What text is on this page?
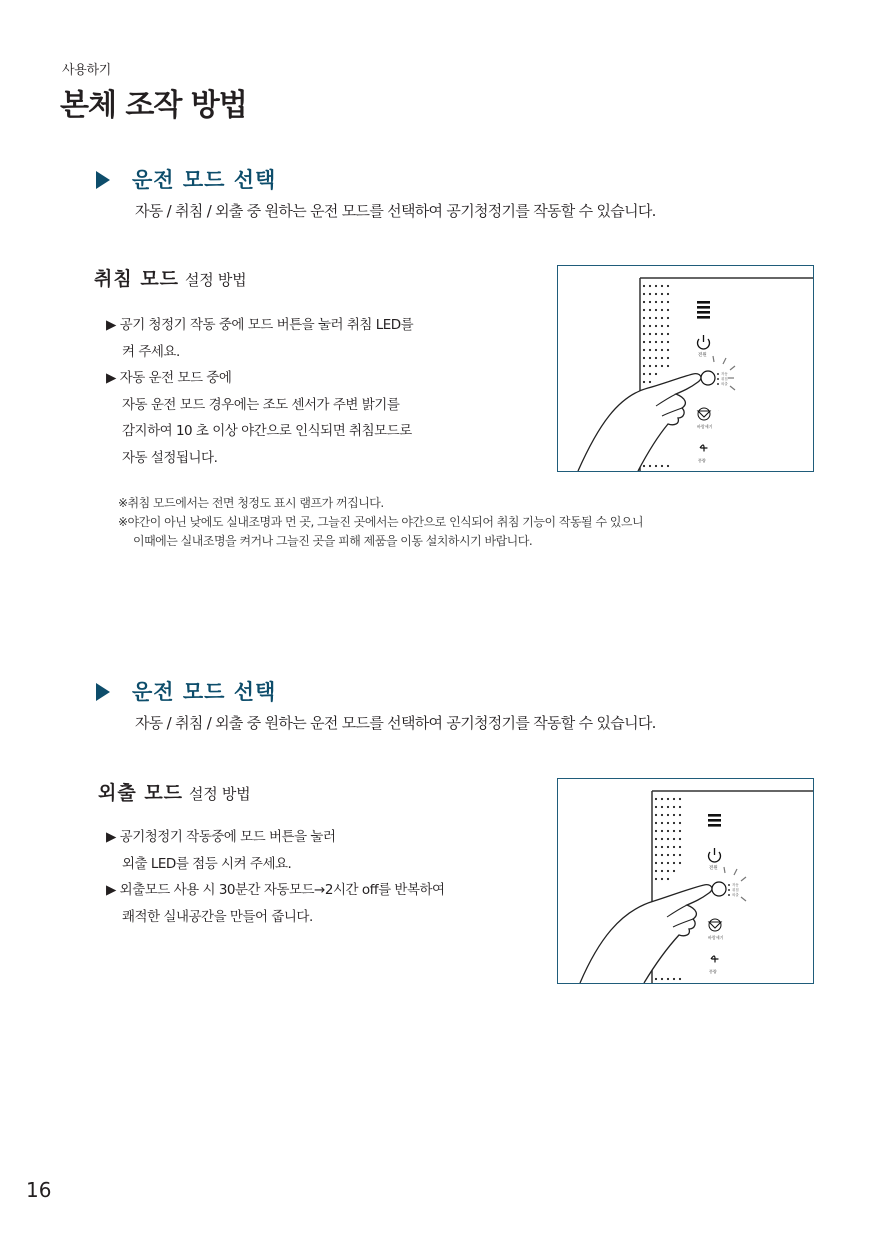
사용하기
본체 조작 방법
운전 모드 선택
자동 / 취침 / 외출 중 원하는 운전 모드를 선택하여 공기청정기를 작동할 수 있습니다.
취침 모드 설정 방법
▶ 공기 청정기 작동 중에 모드 버튼을 눌러 취침 LED를
켜 주세요.
▶ 자동 운전 모드 중에
자동 운전 모드 경우에는 조도 센서가 주변 밝기를
감지하여 10 초 이상 야간으로 인식되면 취침모드로
자동 설정됩니다.
※취침 모드에서는 전면 청정도 표시 램프가 꺼집니다.
※야간이 아닌 낮에도 실내조명과 먼 곳, 그늘진 곳에서는 야간으로 인식되어 취침 기능이 작동될 수 있으니
이때에는 실내조명을 켜거나 그늘진 곳을 피해 제품을 이동 설치하시기 바랍니다.
전원
자동
취침
외출
바람세기
·
풍량
운전 모드 선택
자동 / 취침 / 외출 중 원하는 운전 모드를 선택하여 공기청정기를 작동할 수 있습니다.
외출 모드 설정 방법
▶ 공기청정기 작동중에 모드 버튼을 눌러
외출 LED를 점등 시켜 주세요.
▶ 외출모드 사용 시 30분간 자동모드→2시간 off를 반복하여
쾌적한 실내공간을 만들어 줍니다.
전원
자동
취침
외출
바람세기
풍량
16
